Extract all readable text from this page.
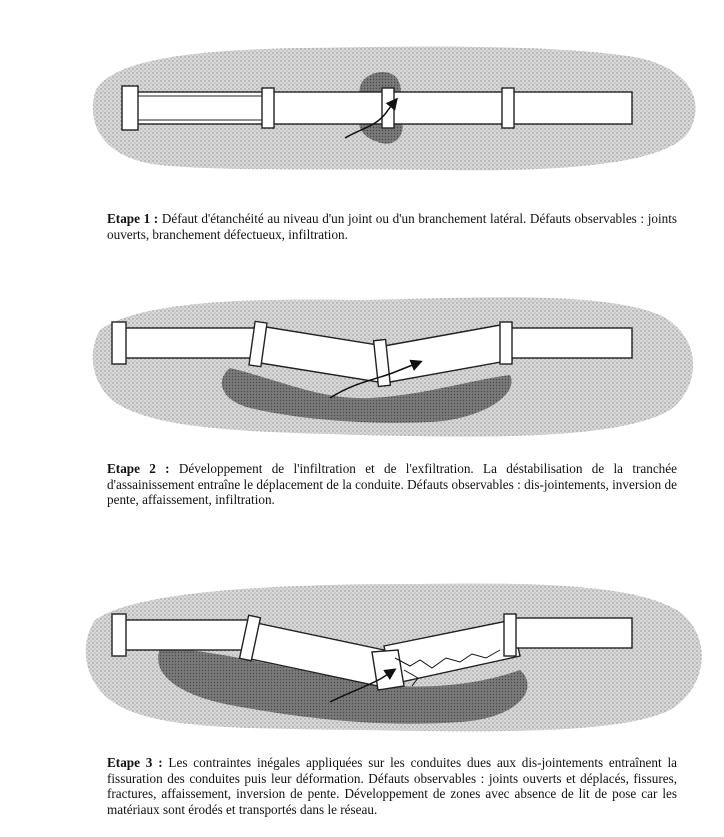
Etape 1 : Défaut d'étanchéité au niveau d'un joint ou d'un branchement latéral. Défauts observables : joints ouverts, branchement défectueux, infiltration.
Etape 2 : Développement de l'infiltration et de l'exfiltration. La déstabilisation de la tranchée d'assainissement entraîne le déplacement de la conduite. Défauts observables : dis-jointements, inversion de pente, affaissement, infiltration.
Etape 3 : Les contraintes inégales appliquées sur les conduites dues aux dis-jointements entraînent la fissuration des conduites puis leur déformation. Défauts observables : joints ouverts et déplacés, fissures, fractures, affaissement, inversion de pente. Développement de zones avec absence de lit de pose car les matériaux sont érodés et transportés dans le réseau.
